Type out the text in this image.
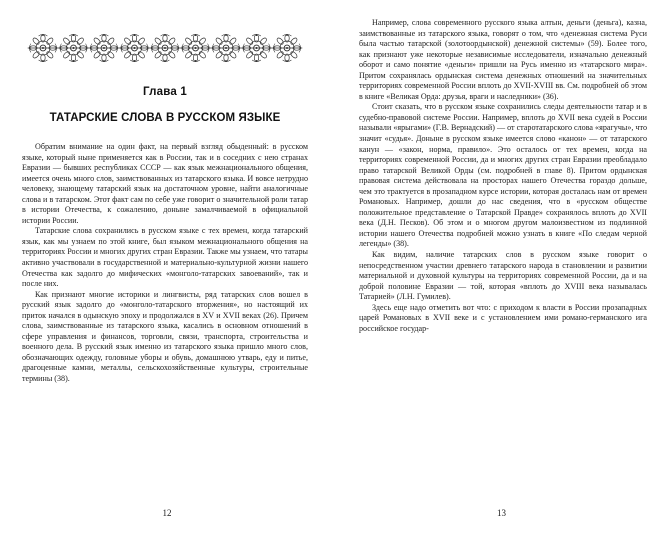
Глава 1
ТАТАРСКИЕ СЛОВА В РУССКОМ ЯЗЫКЕ

Обратим внимание на один факт, на первый взгляд обыденный: в русском языке, который ныне применяется как в России, так и в соседних с нею странах Евразии — бывших республиках СССР — как язык межнационального общения, имеется очень много слов, заимствованных из татарского языка. И вовсе нетрудно человеку, знающему татарский язык на достаточном уровне, найти аналогичные слова и в татарском. Этот факт сам по себе уже говорит о значительной роли татар в истории Отечества, к сожалению, доныне замалчиваемой в официальной истории России.

Татарские слова сохранились в русском языке с тех времен, когда татарский язык, как мы узнаем по этой книге, был языком межнационального общения на территориях России и многих других стран Евразии. Также мы узнаем, что татары активно участвовали в государственной и материально-культурной жизни нашего Отечества как задолго до мифических «монголо-татарских завоеваний», так и после них.

Как признают многие историки и лингвисты, ряд татарских слов вошел в русский язык задолго до «монголо-татарского вторжения», но настоящий их приток начался в одынскую эпоху и продолжался в XV и XVII веках (26). Причем слова, заимствованные из татарского языка, касались в основном отношений в сфере управления и финансов, торговли, связи, транспорта, строительства и военного дела. В русский язык именно из татарского языка пришло много слов, обозначающих одежду, головные уборы и обувь, домашнюю утварь, еду и питье, драгоценные камни, металлы, сельскохозяйственные культуры, строительные термины (38).

12

Например, слова современного русского языка алтын, деньги (деньга), казна, заимствованные из татарского языка, говорят о том, что «денежная система Руси была частью татарской (золотоордынской) денежной системы» (59). Более того, как признают уже некоторые независимые исследователи, изначально денежный оборот и само понятие «деньги» пришли на Русь именно из «татарского мира». Притом сохранялась ордынская система денежных отношений на значительных территориях современной России вплоть до XVII-XVIII вв. См. подробней об этом в книге «Великая Орда: друзья, враги и наследники» (36).

Стоит сказать, что в русском языке сохранились следы деятельности татар и в судебно-правовой системе России. Например, вплоть до XVII века судей в России называли «ярыгами» (Г.В. Вернадский) — от старотатарского слова «ярагучы», что значит «судья». Доныне в русском языке имеется слово «канон» — от татарского канун — «закон, норма, правило». Это осталось от тех времен, когда на территориях современной России, да и многих других стран Евразии преобладало право татарской Великой Орды (см. подробней в главе 8). Притом ордынская правовая система действовала на просторах нашего Отечества гораздо дольше, чем это трактуется в прозападном курсе истории, которая досталась нам от времен Романовых. Например, дошли до нас сведения, что в «русском обществе положительное представление о Татарской Правде» сохранялось вплоть до XVII века (Д.Н. Песков). Об этом и о многом другом малоизвестном из подлинной истории нашего Отечества подробней можно узнать в книге «По следам черной легенды» (38).

Как видим, наличие татарских слов в русском языке говорит о непосредственном участии древнего татарского народа в становлении и развитии материальной и духовной культуры на территориях современной России, да и на доброй половине Евразии — той, которая «вплоть до XVIII века называлась Татарией» (Л.Н. Гумилев).

Здесь еще надо отметить вот что: с приходом к власти в России прозападных царей Романовых в XVII веке и с установлением ими романо-германского ига российское государ-

13
